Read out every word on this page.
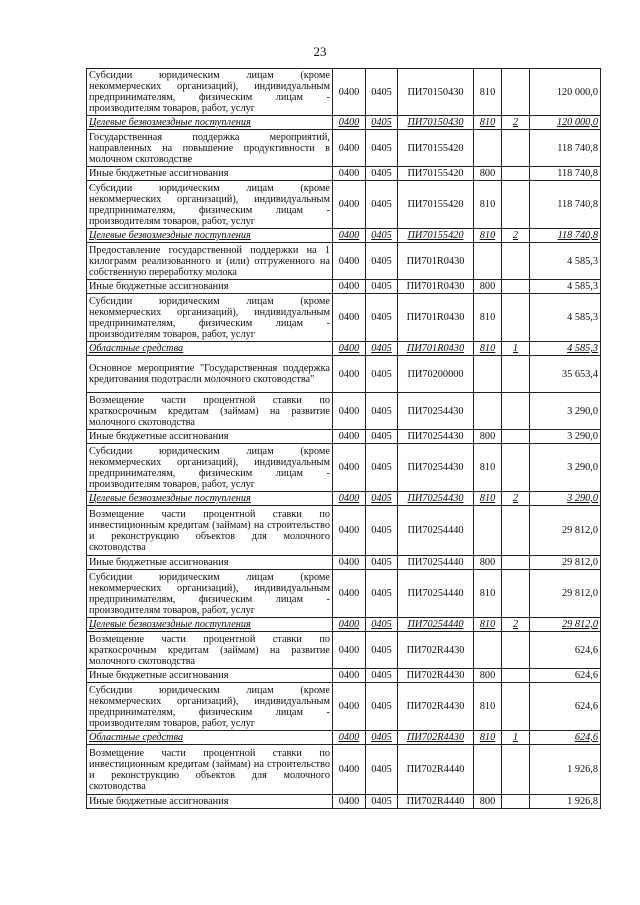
23
Субсидии юридическим лицам (кроме некоммерческих организаций), индивидуальным предпринимателям, физическим лицам - производителям товаров, работ, услуг	0400	0405	ПИ70150430	810		120 000,0
Целевые безвозмездные поступления	0400	0405	ПИ70150430	810	2	120 000,0
Государственная поддержка мероприятий, направленных на повышение продуктивности в молочном скотоводстве	0400	0405	ПИ70155420			118 740,8
Иные бюджетные ассигнования	0400	0405	ПИ70155420	800		118 740,8
Субсидии юридическим лицам (кроме некоммерческих организаций), индивидуальным предпринимателям, физическим лицам - производителям товаров, работ, услуг	0400	0405	ПИ70155420	810		118 740,8
Целевые безвозмездные поступления	0400	0405	ПИ70155420	810	2	118 740,8
Предоставление государственной поддержки на 1 килограмм реализованного и (или) отгруженного на собственную переработку молока	0400	0405	ПИ701R0430			4 585,3
Иные бюджетные ассигнования	0400	0405	ПИ701R0430	800		4 585,3
Субсидии юридическим лицам (кроме некоммерческих организаций), индивидуальным предпринимателям, физическим лицам - производителям товаров, работ, услуг	0400	0405	ПИ701R0430	810		4 585,3
Областные средства	0400	0405	ПИ701R0430	810	1	4 585,3
Основное мероприятие "Государственная поддержка кредитования подотрасли молочного скотоводства"	0400	0405	ПИ70200000			35 653,4
Возмещение части процентной ставки по краткосрочным кредитам (займам) на развитие молочного скотоводства	0400	0405	ПИ70254430			3 290,0
Иные бюджетные ассигнования	0400	0405	ПИ70254430	800		3 290,0
Субсидии юридическим лицам (кроме некоммерческих организаций), индивидуальным предпринимателям, физическим лицам - производителям товаров, работ, услуг	0400	0405	ПИ70254430	810		3 290,0
Целевые безвозмездные поступления	0400	0405	ПИ70254430	810	2	3 290,0
Возмещение части процентной ставки по инвестиционным кредитам (займам) на строительство и реконструкцию объектов для молочного скотоводства	0400	0405	ПИ70254440			29 812,0
Иные бюджетные ассигнования	0400	0405	ПИ70254440	800		29 812,0
Субсидии юридическим лицам (кроме некоммерческих организаций), индивидуальным предпринимателям, физическим лицам - производителям товаров, работ, услуг	0400	0405	ПИ70254440	810		29 812,0
Целевые безвозмездные поступления	0400	0405	ПИ70254440	810	2	29 812,0
Возмещение части процентной ставки по краткосрочным кредитам (займам) на развитие молочного скотоводства	0400	0405	ПИ702R4430			624,6
Иные бюджетные ассигнования	0400	0405	ПИ702R4430	800		624,6
Субсидии юридическим лицам (кроме некоммерческих организаций), индивидуальным предпринимателям, физическим лицам - производителям товаров, работ, услуг	0400	0405	ПИ702R4430	810		624,6
Областные средства	0400	0405	ПИ702R4430	810	1	624,6
Возмещение части процентной ставки по инвестиционным кредитам (займам) на строительство и реконструкцию объектов для молочного скотоводства	0400	0405	ПИ702R4440			1 926,8
Иные бюджетные ассигнования	0400	0405	ПИ702R4440	800		1 926,8
